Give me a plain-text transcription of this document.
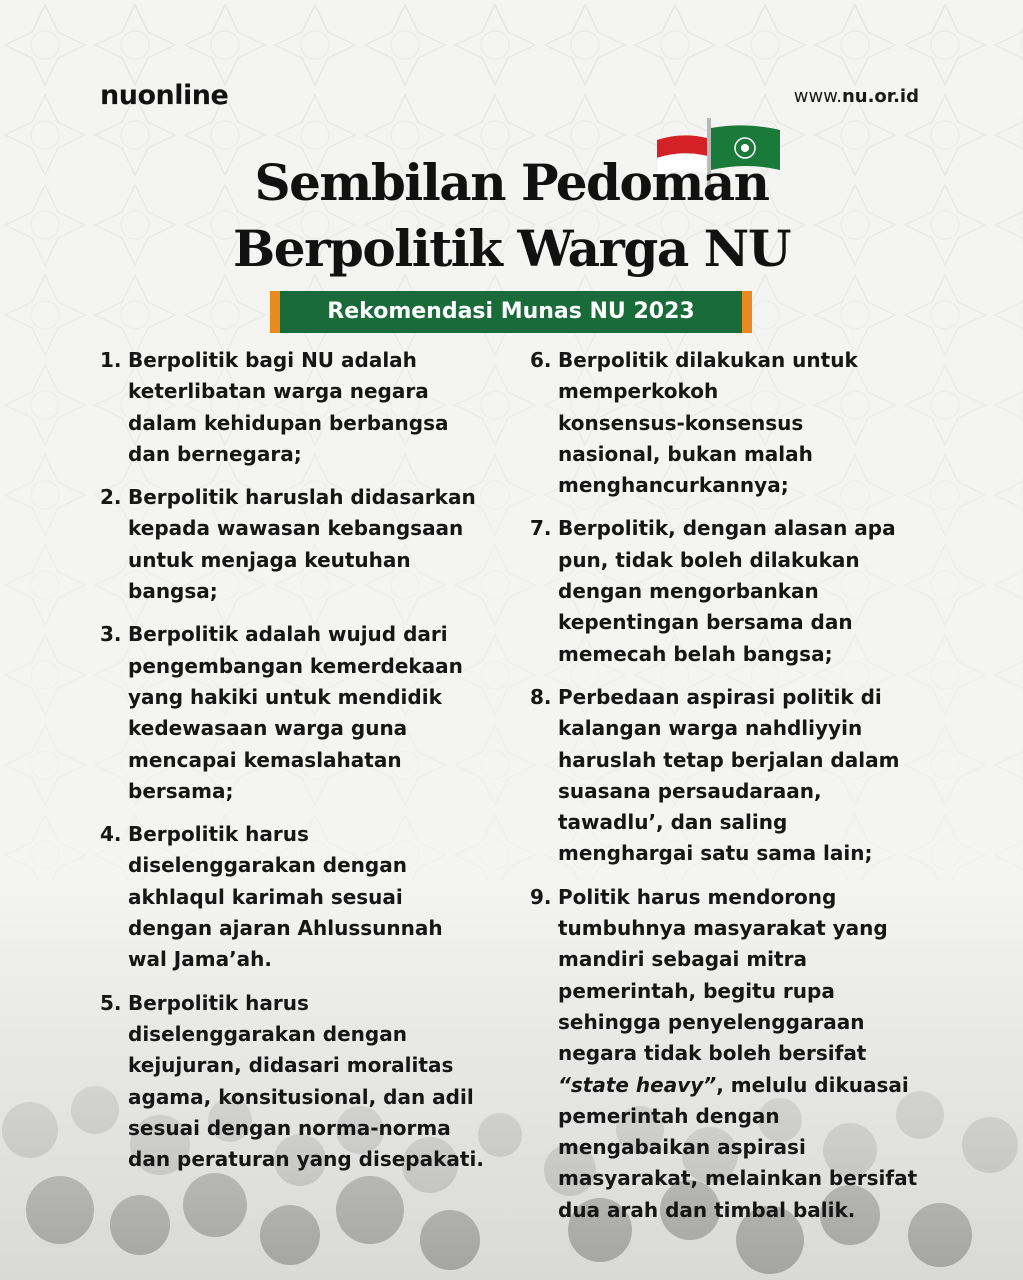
nuonline	www.nu.or.id
Sembilan Pedoman
Berpolitik Warga NU
Rekomendasi Munas NU 2023
1. Berpolitik bagi NU adalah
keterlibatan warga negara
dalam kehidupan berbangsa
dan bernegara;
2. Berpolitik haruslah didasarkan
kepada wawasan kebangsaan
untuk menjaga keutuhan
bangsa;
3. Berpolitik adalah wujud dari
pengembangan kemerdekaan
yang hakiki untuk mendidik
kedewasaan warga guna
mencapai kemaslahatan
bersama;
4. Berpolitik harus
diselenggarakan dengan
akhlaqul karimah sesuai
dengan ajaran Ahlussunnah
wal Jama’ah.
5. Berpolitik harus
diselenggarakan dengan
kejujuran, didasari moralitas
agama, konsitusional, dan adil
sesuai dengan norma-norma
dan peraturan yang disepakati.
6. Berpolitik dilakukan untuk
memperkokoh
konsensus-konsensus
nasional, bukan malah
menghancurkannya;
7. Berpolitik, dengan alasan apa
pun, tidak boleh dilakukan
dengan mengorbankan
kepentingan bersama dan
memecah belah bangsa;
8. Perbedaan aspirasi politik di
kalangan warga nahdliyyin
haruslah tetap berjalan dalam
suasana persaudaraan,
tawadlu’, dan saling
menghargai satu sama lain;
9. Politik harus mendorong
tumbuhnya masyarakat yang
mandiri sebagai mitra
pemerintah, begitu rupa
sehingga penyelenggaraan
negara tidak boleh bersifat
“state heavy”, melulu dikuasai
pemerintah dengan
mengabaikan aspirasi
masyarakat, melainkan bersifat
dua arah dan timbal balik.
